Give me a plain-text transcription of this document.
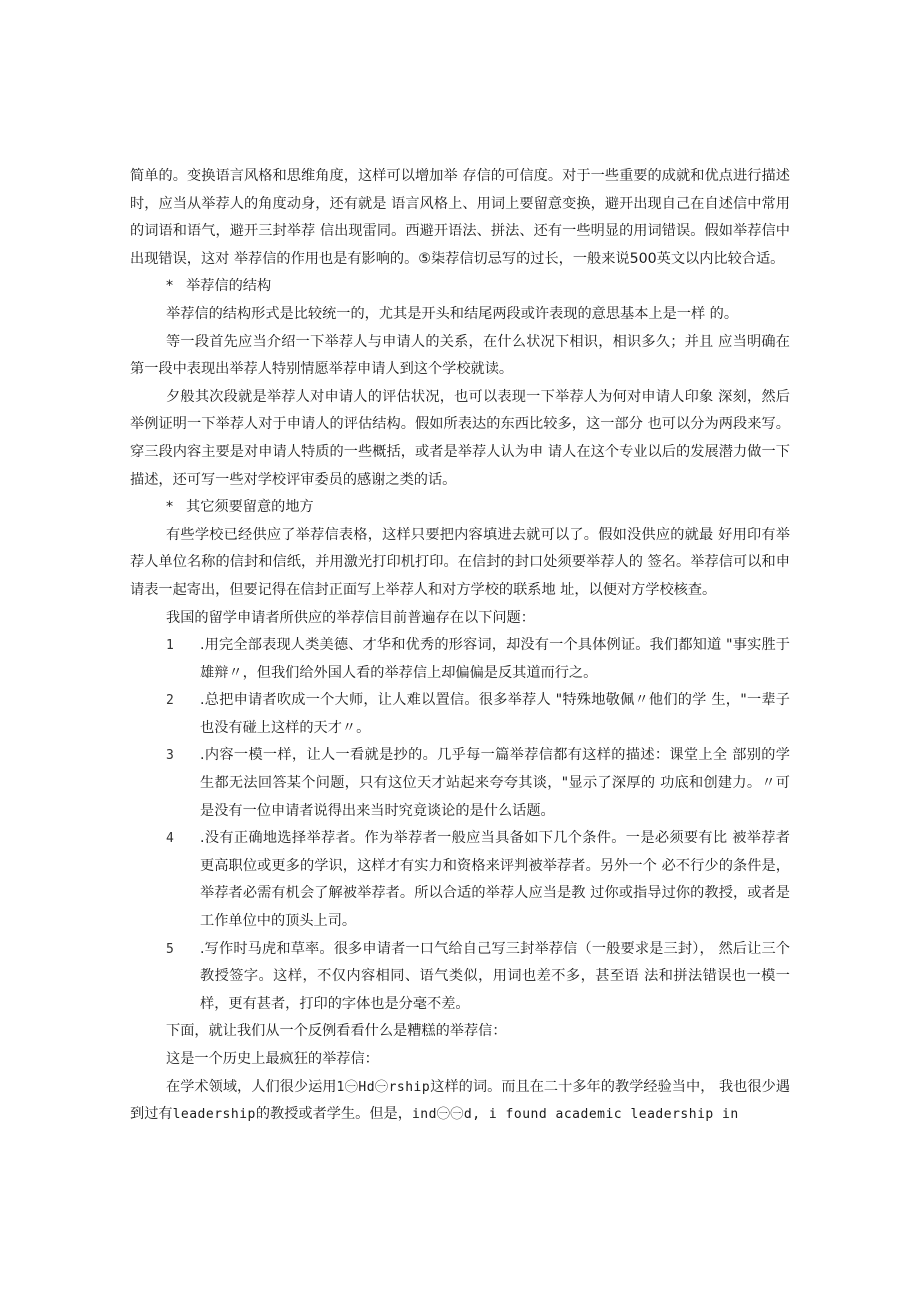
简单的。变换语言风格和思维角度，这样可以增加举 存信的可信度。对于一些重要的成就和优点进行描述时，应当从举荐人的角度动身，还有就是 语言风格上、用词上要留意变换，避开出现自己在自述信中常用的词语和语气，避开三封举荐 信出现雷同。西避开语法、拼法、还有一些明显的用词错误。假如举荐信中出现错误，这对 举荐信的作用也是有影响的。⑤柒荐信切忌写的过长，一般来说500英文以内比较合适。

* 举荐信的结构

举荐信的结构形式是比较统一的，尤其是开头和结尾两段或许表现的意思基本上是一样 的。

等一段首先应当介绍一下举荐人与申请人的关系，在什么状况下相识，相识多久；并且 应当明确在第一段中表现出举荐人特别情愿举荐申请人到这个学校就读。

夕般其次段就是举荐人对申请人的评估状况，也可以表现一下举荐人为何对申请人印象 深刻，然后举例证明一下举荐人对于申请人的评估结构。假如所表达的东西比较多，这一部分 也可以分为两段来写。穿三段内容主要是对申请人特质的一些概括，或者是举荐人认为申 请人在这个专业以后的发展潜力做一下描述，还可写一些对学校评审委员的感谢之类的话。

* 其它须要留意的地方

有些学校已经供应了举荐信表格，这样只要把内容填进去就可以了。假如没供应的就最 好用印有举荐人单位名称的信封和信纸，并用激光打印机打印。在信封的封口处须要举荐人的 签名。举荐信可以和申请表一起寄出，但要记得在信封正面写上举荐人和对方学校的联系地 址，以便对方学校核查。

我国的留学申请者所供应的举荐信目前普遍存在以下问题：

1	.用完全部表现人类美德、才华和优秀的形容词，却没有一个具体例证。我们都知道 "事实胜于雄辩〃，但我们给外国人看的举荐信上却偏偏是反其道而行之。
2	.总把申请者吹成一个大师，让人难以置信。很多举荐人 "特殊地敬佩〃他们的学 生，"一辈子也没有碰上这样的天才〃。
3	.内容一模一样，让人一看就是抄的。几乎每一篇举荐信都有这样的描述：课堂上全 部别的学生都无法回答某个问题，只有这位天才站起来夸夸其谈，"显示了深厚的 功底和创建力。〃可是没有一位申请者说得出来当时究竟谈论的是什么话题。
4	.没有正确地选择举荐者。作为举荐者一般应当具备如下几个条件。一是必须要有比 被举荐者更高职位或更多的学识，这样才有实力和资格来评判被举荐者。另外一个 必不行少的条件是，举荐者必需有机会了解被举荐者。所以合适的举荐人应当是教 过你或指导过你的教授，或者是工作单位中的顶头上司。
5	.写作时马虎和草率。很多申请者一口气给自己写三封举荐信（一般要求是三封）， 然后让三个教授签字。这样，不仅内容相同、语气类似，用词也差不多，甚至语 法和拼法错误也一模一样，更有甚者，打印的字体也是分毫不差。

下面，就让我们从一个反例看看什么是糟糕的举荐信：

这是一个历史上最疯狂的举荐信：

在学术领域，人们很少运用1㊀Hd㊀rship这样的词。而且在二十多年的教学经验当中， 我也很少遇到过有leadership的教授或者学生。但是，ind㊀㊀d, i found academic leadership in
